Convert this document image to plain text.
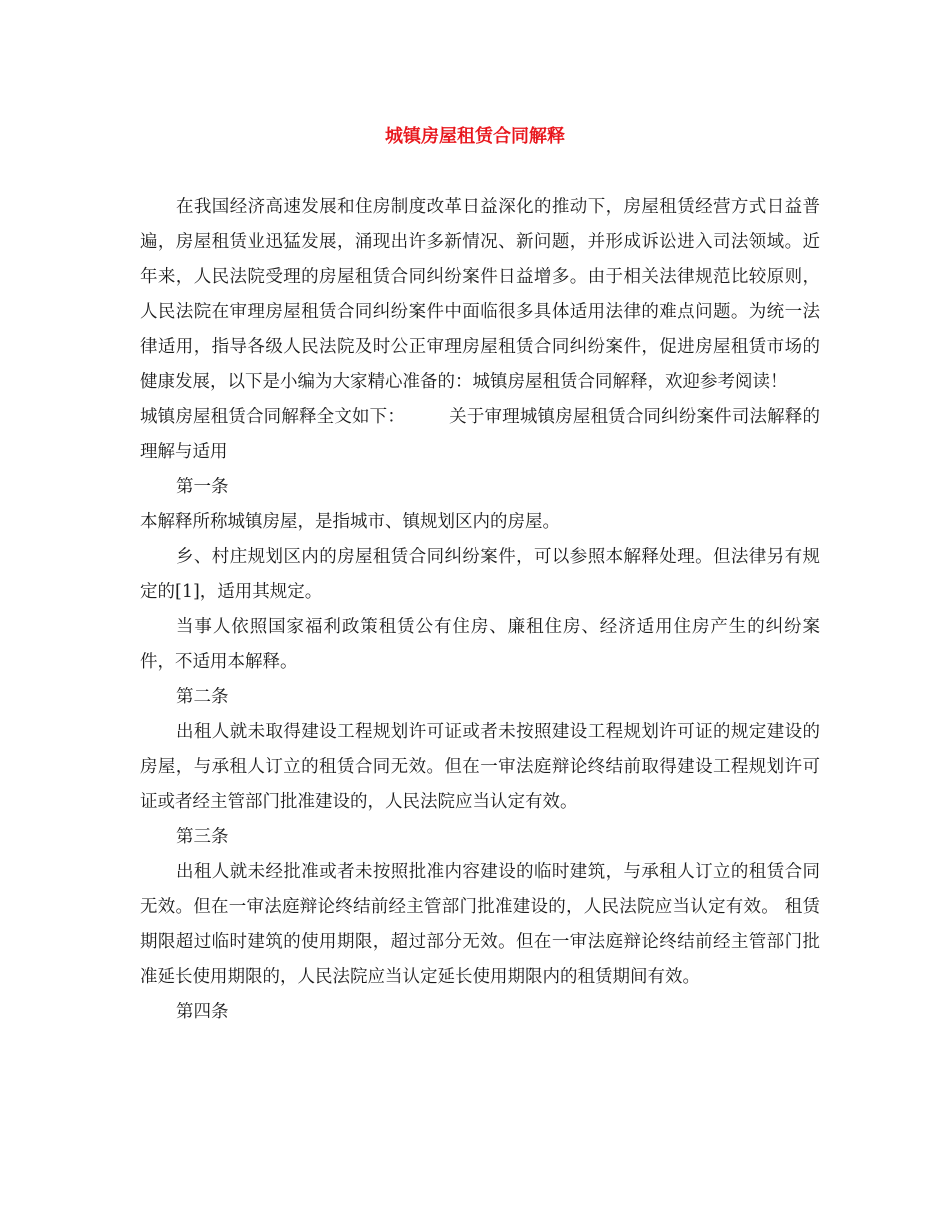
城镇房屋租赁合同解释

在我国经济高速发展和住房制度改革日益深化的推动下，房屋租赁经营方式日益普遍，房屋租赁业迅猛发展，涌现出许多新情况、新问题，并形成诉讼进入司法领域。近年来，人民法院受理的房屋租赁合同纠纷案件日益增多。由于相关法律规范比较原则，人民法院在审理房屋租赁合同纠纷案件中面临很多具体适用法律的难点问题。为统一法律适用，指导各级人民法院及时公正审理房屋租赁合同纠纷案件，促进房屋租赁市场的健康发展，以下是小编为大家精心准备的：城镇房屋租赁合同解释，欢迎参考阅读！

城镇房屋租赁合同解释全文如下：	关于审理城镇房屋租赁合同纠纷案件司法解释的理解与适用

第一条

本解释所称城镇房屋，是指城市、镇规划区内的房屋。

乡、村庄规划区内的房屋租赁合同纠纷案件，可以参照本解释处理。但法律另有规定的[1]，适用其规定。

当事人依照国家福利政策租赁公有住房、廉租住房、经济适用住房产生的纠纷案件，不适用本解释。

第二条

出租人就未取得建设工程规划许可证或者未按照建设工程规划许可证的规定建设的房屋，与承租人订立的租赁合同无效。但在一审法庭辩论终结前取得建设工程规划许可证或者经主管部门批准建设的，人民法院应当认定有效。

第三条

出租人就未经批准或者未按照批准内容建设的临时建筑，与承租人订立的租赁合同无效。但在一审法庭辩论终结前经主管部门批准建设的，人民法院应当认定有效。 租赁期限超过临时建筑的使用期限，超过部分无效。但在一审法庭辩论终结前经主管部门批准延长使用期限的，人民法院应当认定延长使用期限内的租赁期间有效。

第四条
